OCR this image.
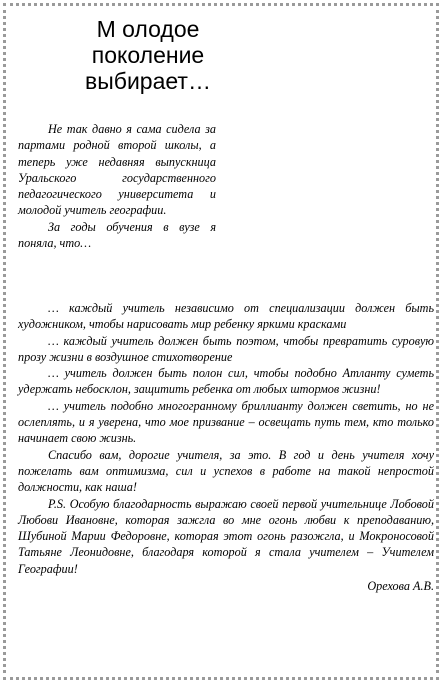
М олодое
поколение
выбирает…

Не так давно я сама сидела за партами родной второй школы, а теперь уже недавняя выпускница Уральского государственного педагогического университета и молодой учитель географии.

За годы обучения в вузе я поняла, что…

… каждый учитель независимо от специализации должен быть художником, чтобы нарисовать мир ребенку яркими красками

… каждый учитель должен быть поэтом, чтобы превратить суровую прозу жизни в воздушное стихотворение

… учитель должен быть полон сил, чтобы подобно Атланту суметь удержать небосклон, защитить ребенка от любых штормов жизни!

… учитель подобно многогранному бриллианту должен светить, но не ослеплять, и я уверена, что мое призвание – освещать путь тем, кто только начинает свою жизнь.

Спасибо вам, дорогие учителя, за это. В год и день учителя хочу пожелать вам оптимизма, сил и успехов в работе на такой непростой должности, как наша!

P.S. Особую благодарность выражаю своей первой учительнице Лобовой Любови Ивановне, которая зажгла во мне огонь любви к преподаванию, Шубиной Марии Федоровне, которая этот огонь разожгла, и Мокроносовой Татьяне Леонидовне, благодаря которой я стала учителем – Учителем Географии!

Орехова А.В.
